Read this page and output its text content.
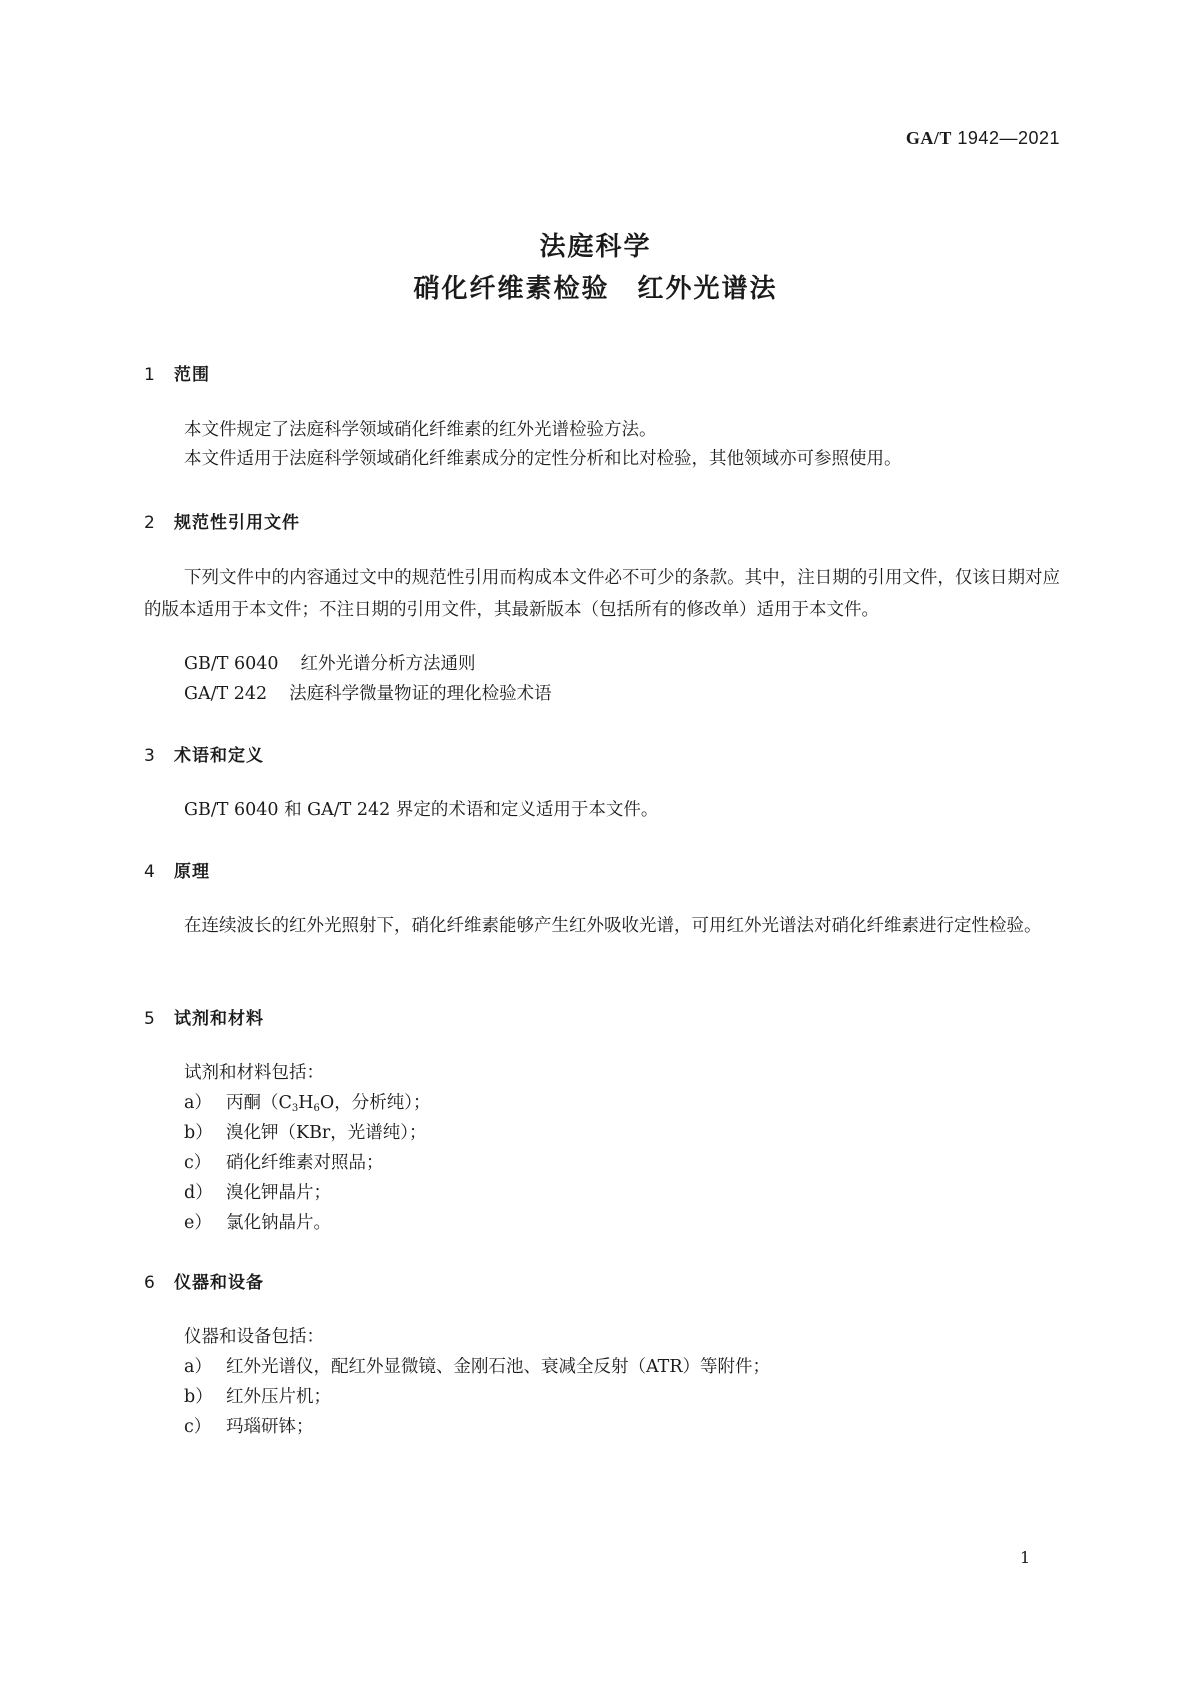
GA/T 1942—2021
法庭科学
硝化纤维素检验　红外光谱法
1 范围
本文件规定了法庭科学领域硝化纤维素的红外光谱检验方法。
本文件适用于法庭科学领域硝化纤维素成分的定性分析和比对检验，其他领域亦可参照使用。
2 规范性引用文件
下列文件中的内容通过文中的规范性引用而构成本文件必不可少的条款。其中，注日期的引用文件，仅该日期对应的版本适用于本文件；不注日期的引用文件，其最新版本（包括所有的修改单）适用于本文件。
GB/T 6040 红外光谱分析方法通则
GA/T 242 法庭科学微量物证的理化检验术语
3 术语和定义
GB/T 6040 和 GA/T 242 界定的术语和定义适用于本文件。
4 原理
在连续波长的红外光照射下，硝化纤维素能够产生红外吸收光谱，可用红外光谱法对硝化纤维素进行定性检验。
5 试剂和材料
试剂和材料包括：
a） 丙酮（$C_3H_6O$，分析纯）；
b） 溴化钾（KBr，光谱纯）；
c） 硝化纤维素对照品；
d） 溴化钾晶片；
e） 氯化钠晶片。
6 仪器和设备
仪器和设备包括：
a） 红外光谱仪，配红外显微镜、金刚石池、衰减全反射（ATR）等附件；
b） 红外压片机；
c） 玛瑙研钵；
1
